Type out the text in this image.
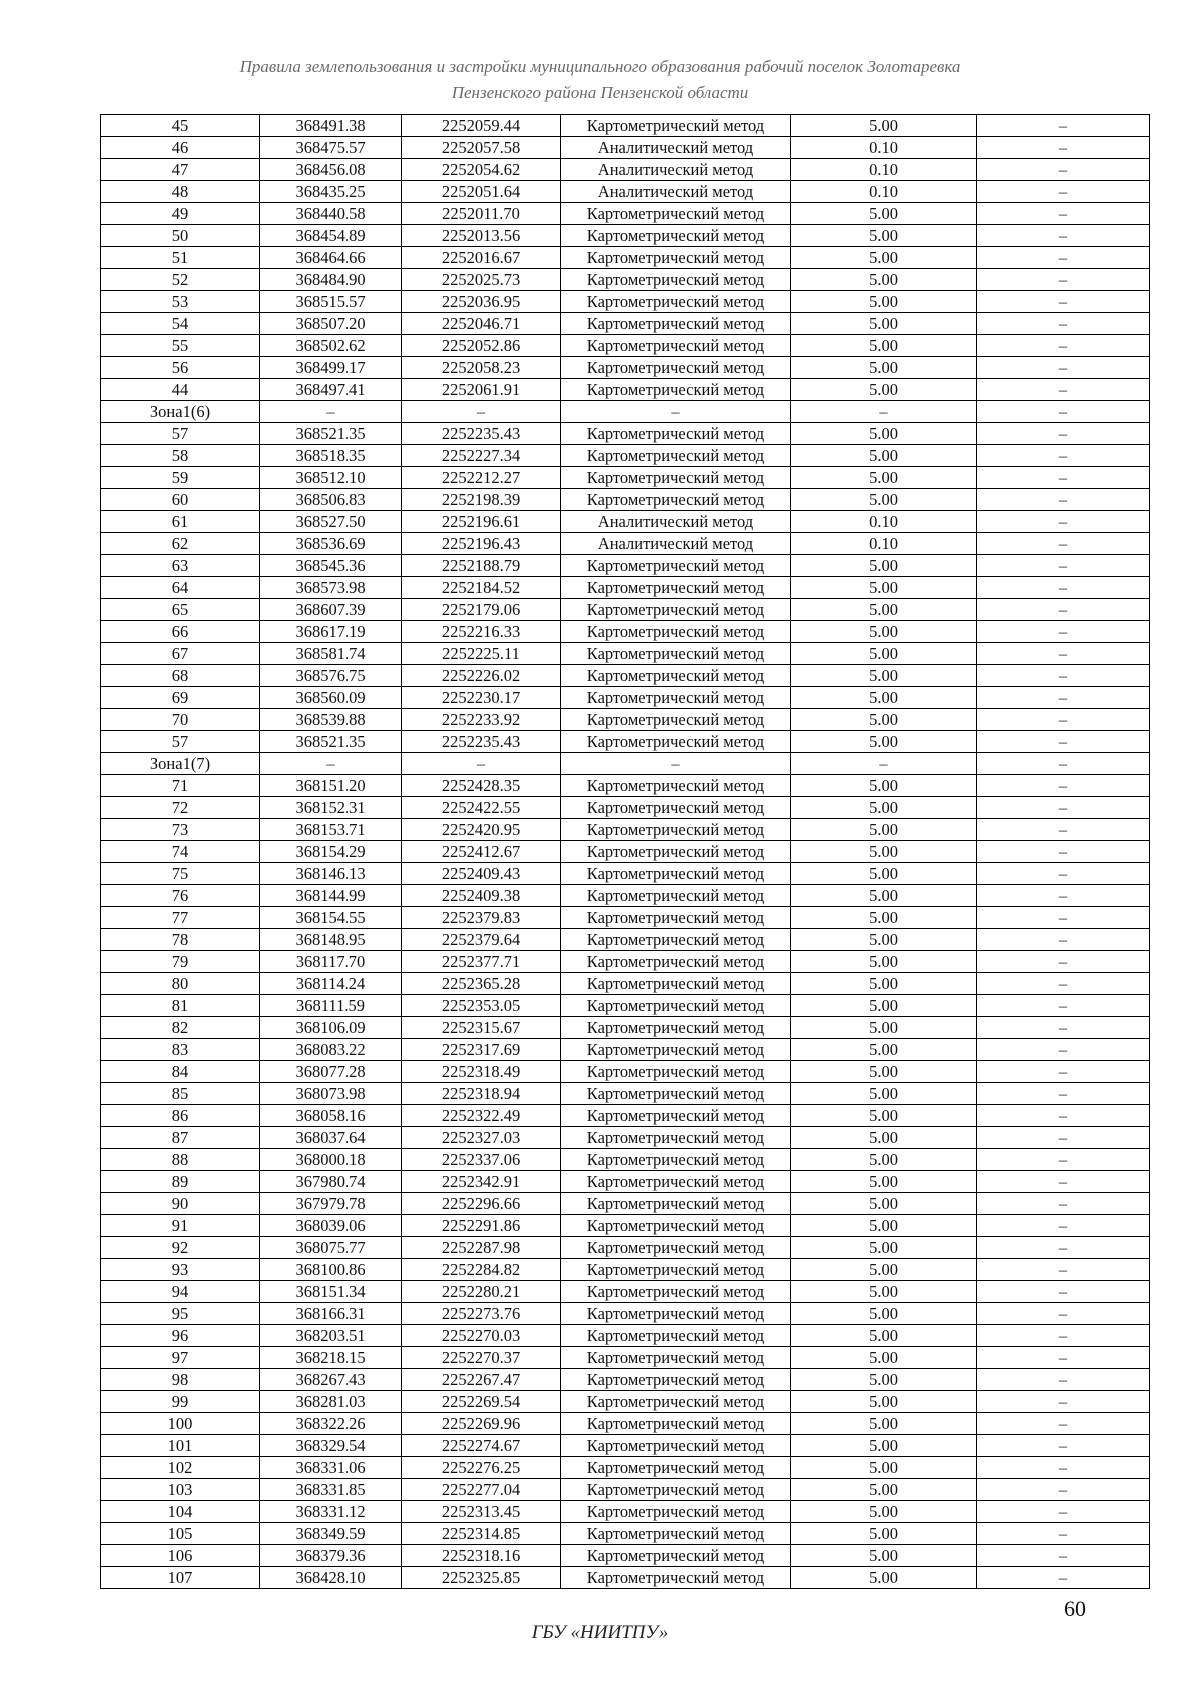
Правила землепользования и застройки муниципального образования рабочий поселок Золотаревка
Пензенского района Пензенской области
45	368491.38	2252059.44	Картометрический метод	5.00	–
46	368475.57	2252057.58	Аналитический метод	0.10	–
47	368456.08	2252054.62	Аналитический метод	0.10	–
48	368435.25	2252051.64	Аналитический метод	0.10	–
49	368440.58	2252011.70	Картометрический метод	5.00	–
50	368454.89	2252013.56	Картометрический метод	5.00	–
51	368464.66	2252016.67	Картометрический метод	5.00	–
52	368484.90	2252025.73	Картометрический метод	5.00	–
53	368515.57	2252036.95	Картометрический метод	5.00	–
54	368507.20	2252046.71	Картометрический метод	5.00	–
55	368502.62	2252052.86	Картометрический метод	5.00	–
56	368499.17	2252058.23	Картометрический метод	5.00	–
44	368497.41	2252061.91	Картометрический метод	5.00	–
Зона1(6)	–	–	–	–	–
57	368521.35	2252235.43	Картометрический метод	5.00	–
58	368518.35	2252227.34	Картометрический метод	5.00	–
59	368512.10	2252212.27	Картометрический метод	5.00	–
60	368506.83	2252198.39	Картометрический метод	5.00	–
61	368527.50	2252196.61	Аналитический метод	0.10	–
62	368536.69	2252196.43	Аналитический метод	0.10	–
63	368545.36	2252188.79	Картометрический метод	5.00	–
64	368573.98	2252184.52	Картометрический метод	5.00	–
65	368607.39	2252179.06	Картометрический метод	5.00	–
66	368617.19	2252216.33	Картометрический метод	5.00	–
67	368581.74	2252225.11	Картометрический метод	5.00	–
68	368576.75	2252226.02	Картометрический метод	5.00	–
69	368560.09	2252230.17	Картометрический метод	5.00	–
70	368539.88	2252233.92	Картометрический метод	5.00	–
57	368521.35	2252235.43	Картометрический метод	5.00	–
Зона1(7)	–	–	–	–	–
71	368151.20	2252428.35	Картометрический метод	5.00	–
72	368152.31	2252422.55	Картометрический метод	5.00	–
73	368153.71	2252420.95	Картометрический метод	5.00	–
74	368154.29	2252412.67	Картометрический метод	5.00	–
75	368146.13	2252409.43	Картометрический метод	5.00	–
76	368144.99	2252409.38	Картометрический метод	5.00	–
77	368154.55	2252379.83	Картометрический метод	5.00	–
78	368148.95	2252379.64	Картометрический метод	5.00	–
79	368117.70	2252377.71	Картометрический метод	5.00	–
80	368114.24	2252365.28	Картометрический метод	5.00	–
81	368111.59	2252353.05	Картометрический метод	5.00	–
82	368106.09	2252315.67	Картометрический метод	5.00	–
83	368083.22	2252317.69	Картометрический метод	5.00	–
84	368077.28	2252318.49	Картометрический метод	5.00	–
85	368073.98	2252318.94	Картометрический метод	5.00	–
86	368058.16	2252322.49	Картометрический метод	5.00	–
87	368037.64	2252327.03	Картометрический метод	5.00	–
88	368000.18	2252337.06	Картометрический метод	5.00	–
89	367980.74	2252342.91	Картометрический метод	5.00	–
90	367979.78	2252296.66	Картометрический метод	5.00	–
91	368039.06	2252291.86	Картометрический метод	5.00	–
92	368075.77	2252287.98	Картометрический метод	5.00	–
93	368100.86	2252284.82	Картометрический метод	5.00	–
94	368151.34	2252280.21	Картометрический метод	5.00	–
95	368166.31	2252273.76	Картометрический метод	5.00	–
96	368203.51	2252270.03	Картометрический метод	5.00	–
97	368218.15	2252270.37	Картометрический метод	5.00	–
98	368267.43	2252267.47	Картометрический метод	5.00	–
99	368281.03	2252269.54	Картометрический метод	5.00	–
100	368322.26	2252269.96	Картометрический метод	5.00	–
101	368329.54	2252274.67	Картометрический метод	5.00	–
102	368331.06	2252276.25	Картометрический метод	5.00	–
103	368331.85	2252277.04	Картометрический метод	5.00	–
104	368331.12	2252313.45	Картометрический метод	5.00	–
105	368349.59	2252314.85	Картометрический метод	5.00	–
106	368379.36	2252318.16	Картометрический метод	5.00	–
107	368428.10	2252325.85	Картометрический метод	5.00	–
60
ГБУ «НИИТПУ»
